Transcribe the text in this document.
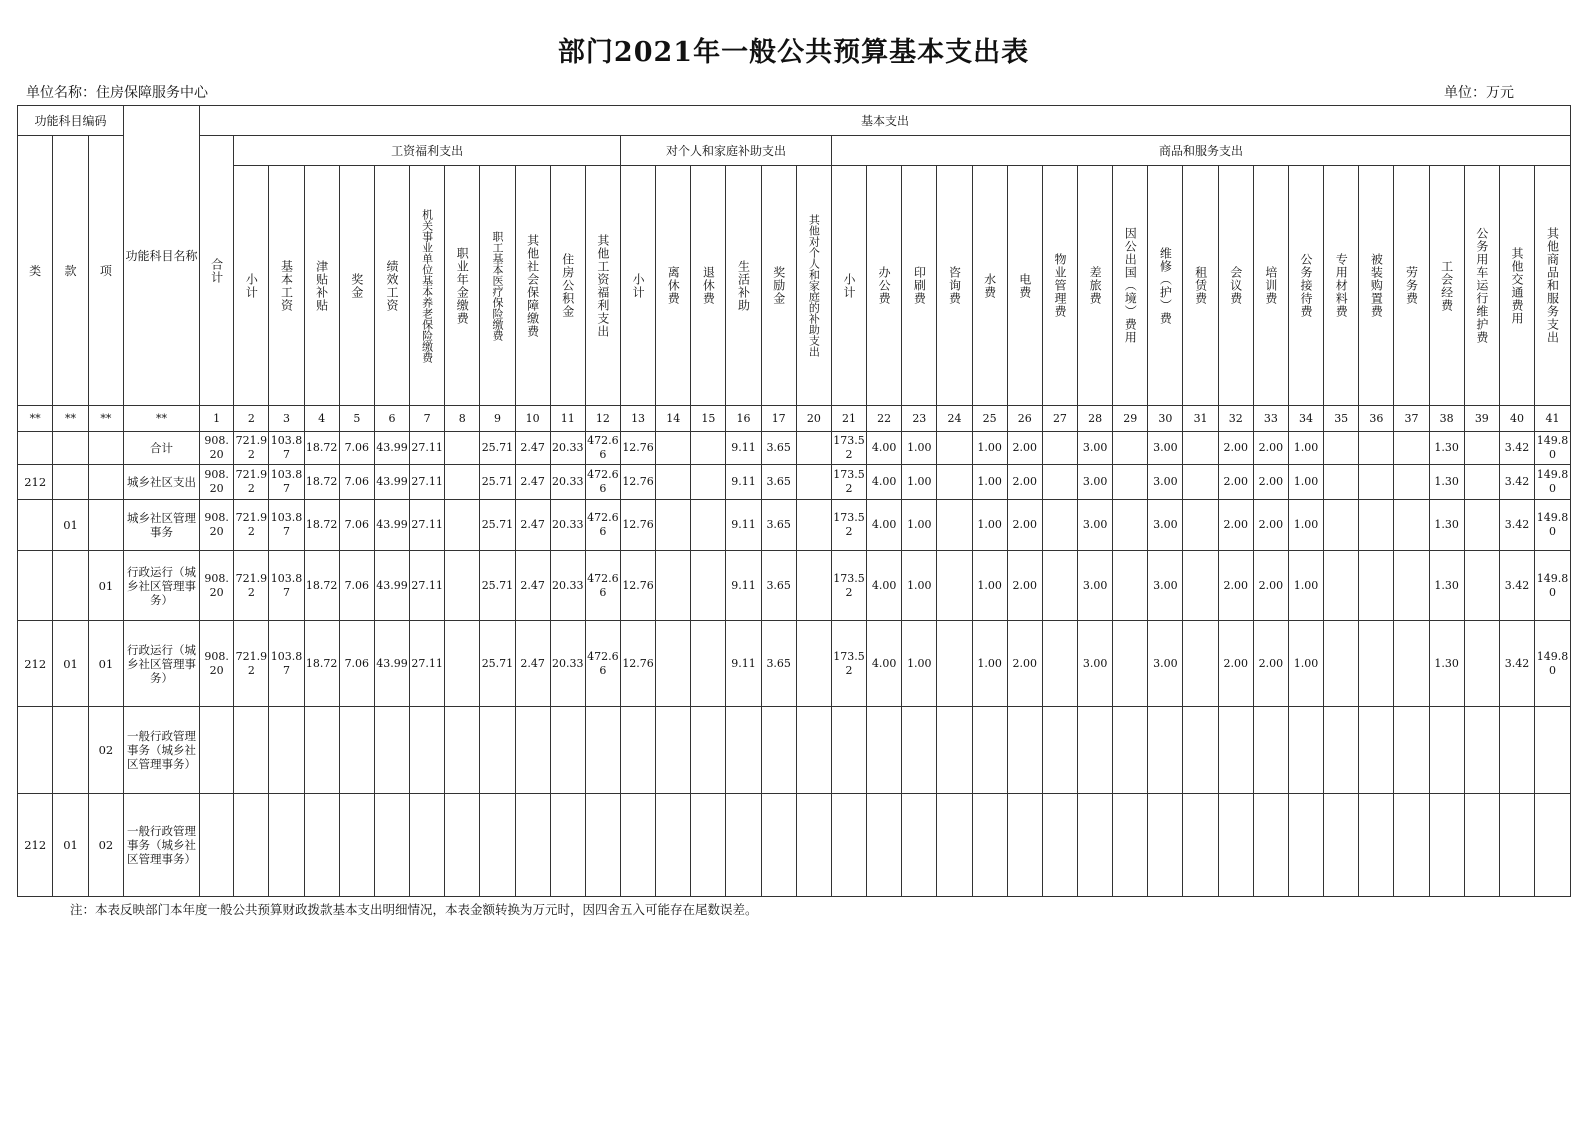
部门2021年一般公共预算基本支出表
单位名称：住房保障服务中心	单位：万元
功能科目编码			功能科目名称	基本支出																																						
类	款	项		合计	工资福利支出											对个人和家庭补助支出						商品和服务支出																				
					小计	基本工资	津贴补贴	奖金	绩效工资	机关事业单位基本养老保险缴费	职业年金缴费	职工基本医疗保险缴费	其他社会保障缴费	住房公积金	其他工资福利支出	小计	离休费	退休费	生活补助	奖励金	其他对个人和家庭的补助支出	小计	办公费	印刷费	咨询费	水费	电费	物业管理费	差旅费	因公出国（境）费用	维修（护）费	租赁费	会议费	培训费	公务接待费	专用材料费	被装购置费	劳务费	工会经费	公务用车运行维护费	其他交通费用	其他商品和服务支出
**	**	**	**	1	2	3	4	5	6	7	8	9	10	11	12	13	14	15	16	17	20	21	22	23	24	25	26	27	28	29	30	31	32	33	34	35	36	37	38	39	40	41
			合计	908.20	721.92	103.87	18.72	7.06	43.99	27.11		25.71	2.47	20.33	472.66	12.76			9.11	3.65		173.52	4.00	1.00		1.00	2.00		3.00		3.00		2.00	2.00	1.00				1.30		3.42	149.80
212			城乡社区支出	908.20	721.92	103.87	18.72	7.06	43.99	27.11		25.71	2.47	20.33	472.66	12.76			9.11	3.65		173.52	4.00	1.00		1.00	2.00		3.00		3.00		2.00	2.00	1.00				1.30		3.42	149.80
	01		城乡社区管理事务	908.20	721.92	103.87	18.72	7.06	43.99	27.11		25.71	2.47	20.33	472.66	12.76			9.11	3.65		173.52	4.00	1.00		1.00	2.00		3.00		3.00		2.00	2.00	1.00				1.30		3.42	149.80
		01	行政运行（城乡社区管理事务）	908.20	721.92	103.87	18.72	7.06	43.99	27.11		25.71	2.47	20.33	472.66	12.76			9.11	3.65		173.52	4.00	1.00		1.00	2.00		3.00		3.00		2.00	2.00	1.00				1.30		3.42	149.80
212	01	01	行政运行（城乡社区管理事务）	908.20	721.92	103.87	18.72	7.06	43.99	27.11		25.71	2.47	20.33	472.66	12.76			9.11	3.65		173.52	4.00	1.00		1.00	2.00		3.00		3.00		2.00	2.00	1.00				1.30		3.42	149.80
		02	一般行政管理事务（城乡社区管理事务）																																							
212	01	02	一般行政管理事务（城乡社区管理事务）																																							
注：本表反映部门本年度一般公共预算财政拨款基本支出明细情况，本表金额转换为万元时，因四舍五入可能存在尾数误差。
